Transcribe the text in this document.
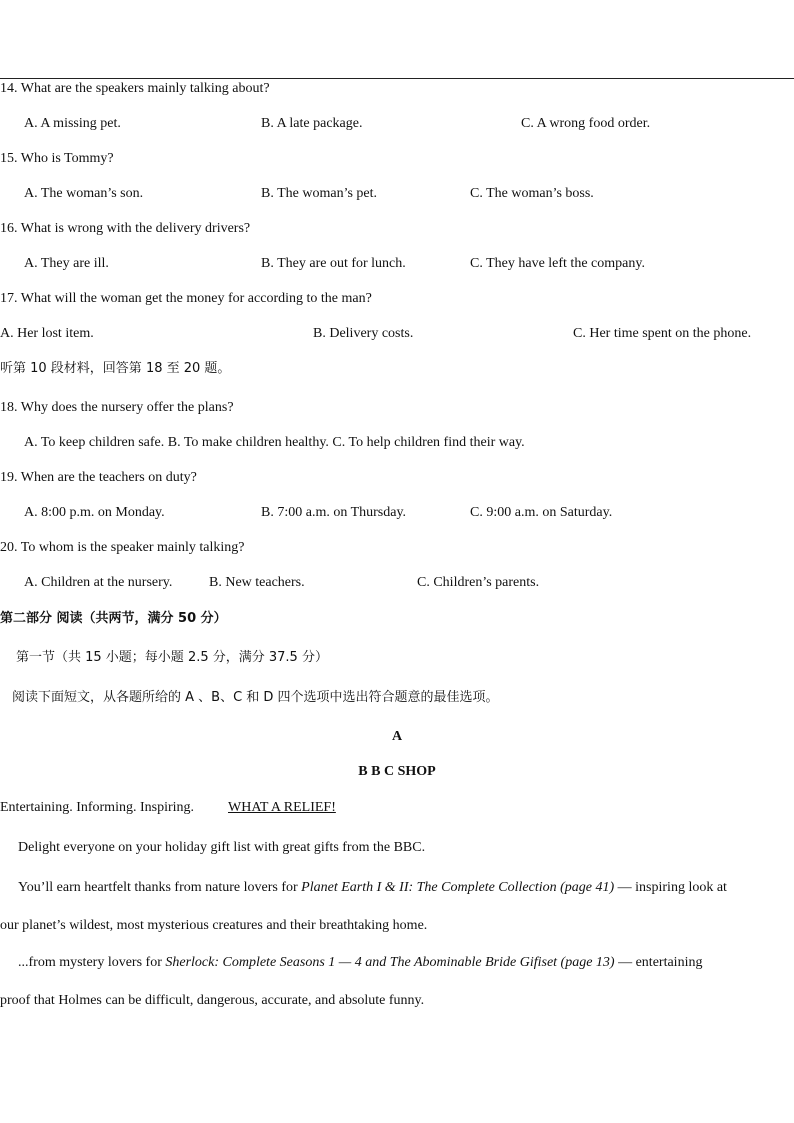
14. What are the speakers mainly talking about?
A. A missing pet.	B. A late package.	C. A wrong food order.
15. Who is Tommy?
A. The woman’s son.	B. The woman’s pet.	C. The woman’s boss.
16. What is wrong with the delivery drivers?
A. They are ill.	B. They are out for lunch.	C. They have left the company.
17. What will the woman get the money for according to the man?
A. Her lost item.	B. Delivery costs.	C. Her time spent on the phone.
听第 10 段材料，回答第 18 至 20 题。
18. Why does the nursery offer the plans?
A. To keep children safe. B. To make children healthy. C. To help children find their way.
19. When are the teachers on duty?
A. 8:00 p.m. on Monday.	B. 7:00 a.m. on Thursday.	C. 9:00 a.m. on Saturday.
20. To whom is the speaker mainly talking?
A. Children at the nursery.	B. New teachers.	C. Children’s parents.
第二部分 阅读（共两节，满分 50 分）
第一节（共 15 小题；每小题 2.5 分，满分 37.5 分）
阅读下面短文，从各题所给的 A 、B、C 和 D 四个选项中选出符合题意的最佳选项。
A
B B C SHOP
Entertaining. Informing. Inspiring. WHAT A RELIEF!
Delight everyone on your holiday gift list with great gifts from the BBC.
You’ll earn heartfelt thanks from nature lovers for Planet Earth I & II: The Complete Collection (page 41) — inspiring look at
our planet’s wildest, most mysterious creatures and their breathtaking home.
...from mystery lovers for Sherlock: Complete Seasons 1 — 4 and The Abominable Bride Gifiset (page 13) — entertaining
proof that Holmes can be difficult, dangerous, accurate, and absolute funny.
